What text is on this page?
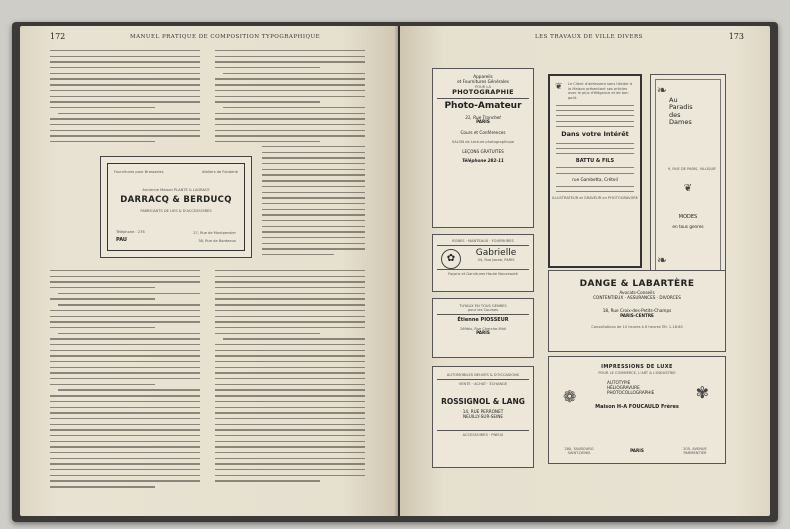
172	MANUEL PRATIQUE DE COMPOSITION TYPOGRAPHIQUE
Fournitures pour Brasseries	Ateliers de Fonderie
Ancienne Maison PLANTE & LAGRACE
DARRACQ & BERDUCQ
FABRICANTS DE LIES & D'ACCESSOIRES
Téléphone : 278
PAU
27, Rue de Montpensier
38, Rue de Bordeaux
LES TRAVAUX DE VILLE DIVERS	173
Appareils
et Fournitures Générales
POUR LA
PHOTOGRAPHIE
Photo-Amateur
31, Rue Tronchet
PARIS
Cours et Conférences
SALON de Lecture photographique
LEÇONS GRATUITES
Téléphone 282-11
Le Client d'adressera sans hésiter à la Maison présentant ses articles avec le plus d'élégance et de bon goût.
❦
Dans votre Intérêt
BATTU & FILS
rue Gambetta, Créteil
ILLUSTRATEUR et GRAVEUR en PHOTOGRAVURE
❧
❧
Au
Paradis
des
Dames
9, RUE DE PARIS, VILLEJUIF
❦
MODES
en tous genres
ROBES · MANTEAUX · FOURRURES
✿	Gabrielle
34, Rue Jacob, PARIS
Façons et Garnitures Haute Nouveauté
DANGE & LABARTÈRE
Avocats-Conseils
CONTENTIEUX · ASSURANCES · DIVORCES
18, Rue Croix-des-Petits-Champs
PARIS-CENTRE
Consultations de 10 heures à 6 heures Tél. 1.18-60
TUYAUX EN TOUS GENRES
pour les Courses
Étienne PIOSSEUR
269bis, Rue Cherche-Midi
PARIS
IMPRESSIONS DE LUXE
POUR LE COMMERCE, L'ART & L'INDUSTRIE
❁	✾
AUTOTYPIE
HÉLIOGRAVURE
PHOTOCOLLOGRAPHIE
Maison H-A FOUCAULD Frères
280, FAUBOURG SAINT-DENIS	PARIS	205, AVENUE PARMENTIER
AUTOMOBILES NEUVES & D'OCCASIONS
VENTE · ACHAT · ÉCHANGE
ROSSIGNOL & LANG
14, RUE PERRONET
NEUILLY-SUR-SEINE
ACCESSOIRES · PNEUS
